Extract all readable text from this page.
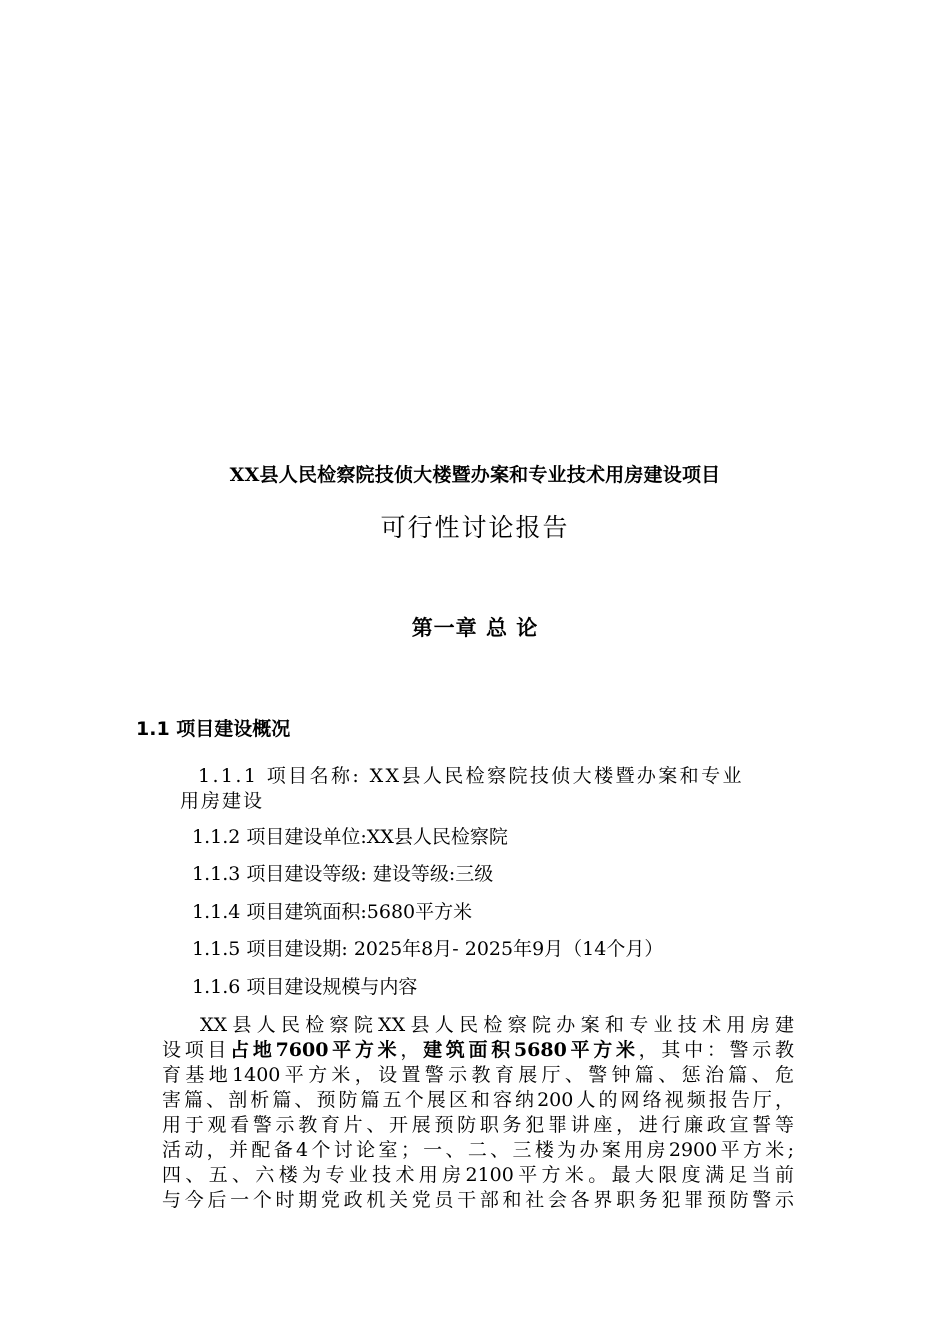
XX县人民检察院技侦大楼暨办案和专业技术用房建设项目
可行性讨论报告
第一章 总 论
1.1 项目建设概况
1.1.1 项目名称: XX县人民检察院技侦大楼暨办案和专业
用房建设
1.1.2 项目建设单位:XX县人民检察院
1.1.3 项目建设等级: 建设等级:三级
1.1.4 项目建筑面积:5680平方米
1.1.5 项目建设期: 2025年8月- 2025年9月（14个月）
1.1.6 项目建设规模与内容
XX县人民检察院XX县人民检察院办案和专业技术用房建
设项目占地7600平方米，建筑面积5680平方米，其中：警示教
育基地1400平方米，设置警示教育展厅、警钟篇、惩治篇、危
害篇、剖析篇、预防篇五个展区和容纳200人的网络视频报告厅，
用于观看警示教育片、开展预防职务犯罪讲座，进行廉政宣誓等
活动，并配备4个讨论室；一、二、三楼为办案用房2900平方米;
四、五、六楼为专业技术用房2100平方米。最大限度满足当前
与今后一个时期党政机关党员干部和社会各界职务犯罪预防警示
